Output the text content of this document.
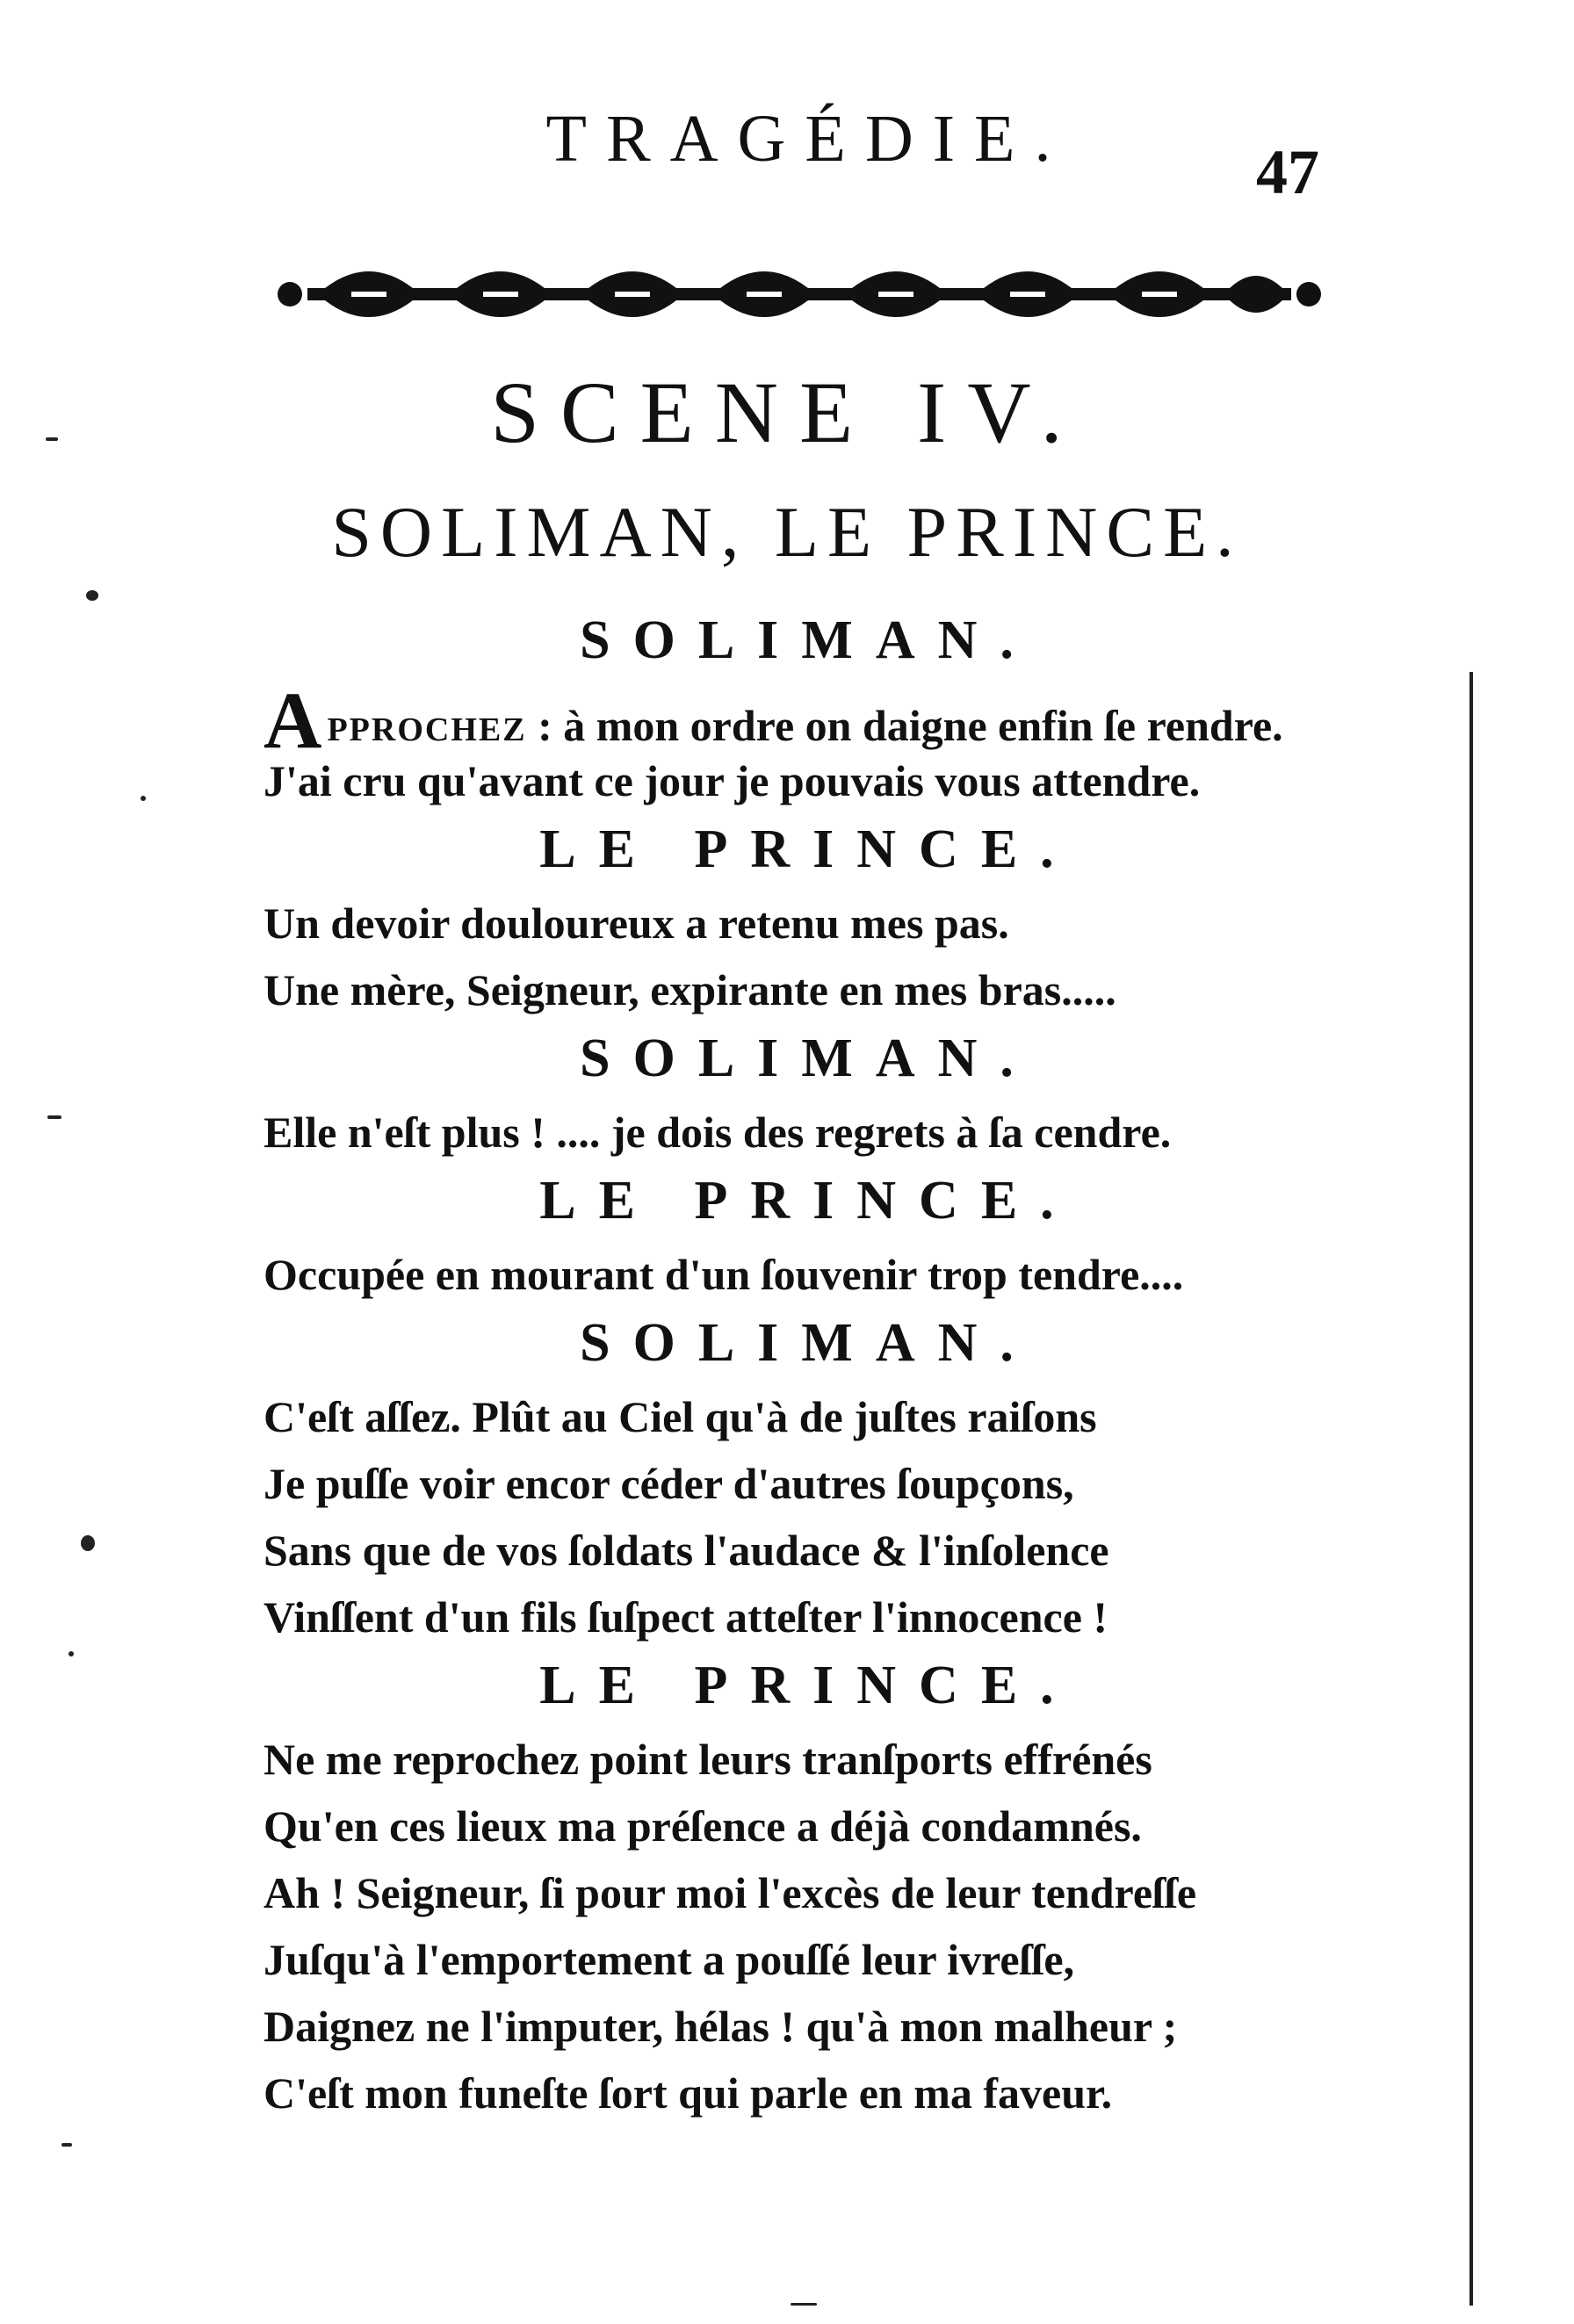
TRAGÉDIE.	47
SCENE IV.
SOLIMAN, LE PRINCE.
SOLIMAN.
APPROCHEZ : à mon ordre on daigne enfin ſe rendre.
J'ai cru qu'avant ce jour je pouvais vous attendre.
LE PRINCE.
Un devoir douloureux a retenu mes pas.
Une mère, Seigneur, expirante en mes bras.....
SOLIMAN.
Elle n'eſt plus ! .... je dois des regrets à ſa cendre.
LE PRINCE.
Occupée en mourant d'un ſouvenir trop tendre....
SOLIMAN.
C'eſt aſſez. Plût au Ciel qu'à de juſtes raiſons
Je puſſe voir encor céder d'autres ſoupçons,
Sans que de vos ſoldats l'audace & l'inſolence
Vinſſent d'un fils ſuſpect atteſter l'innocence !
LE PRINCE.
Ne me reprochez point leurs tranſports effrénés
Qu'en ces lieux ma préſence a déjà condamnés.
Ah ! Seigneur, ſi pour moi l'excès de leur tendreſſe
Juſqu'à l'emportement a pouſſé leur ivreſſe,
Daignez ne l'imputer, hélas ! qu'à mon malheur ;
C'eſt mon funeſte ſort qui parle en ma faveur.
